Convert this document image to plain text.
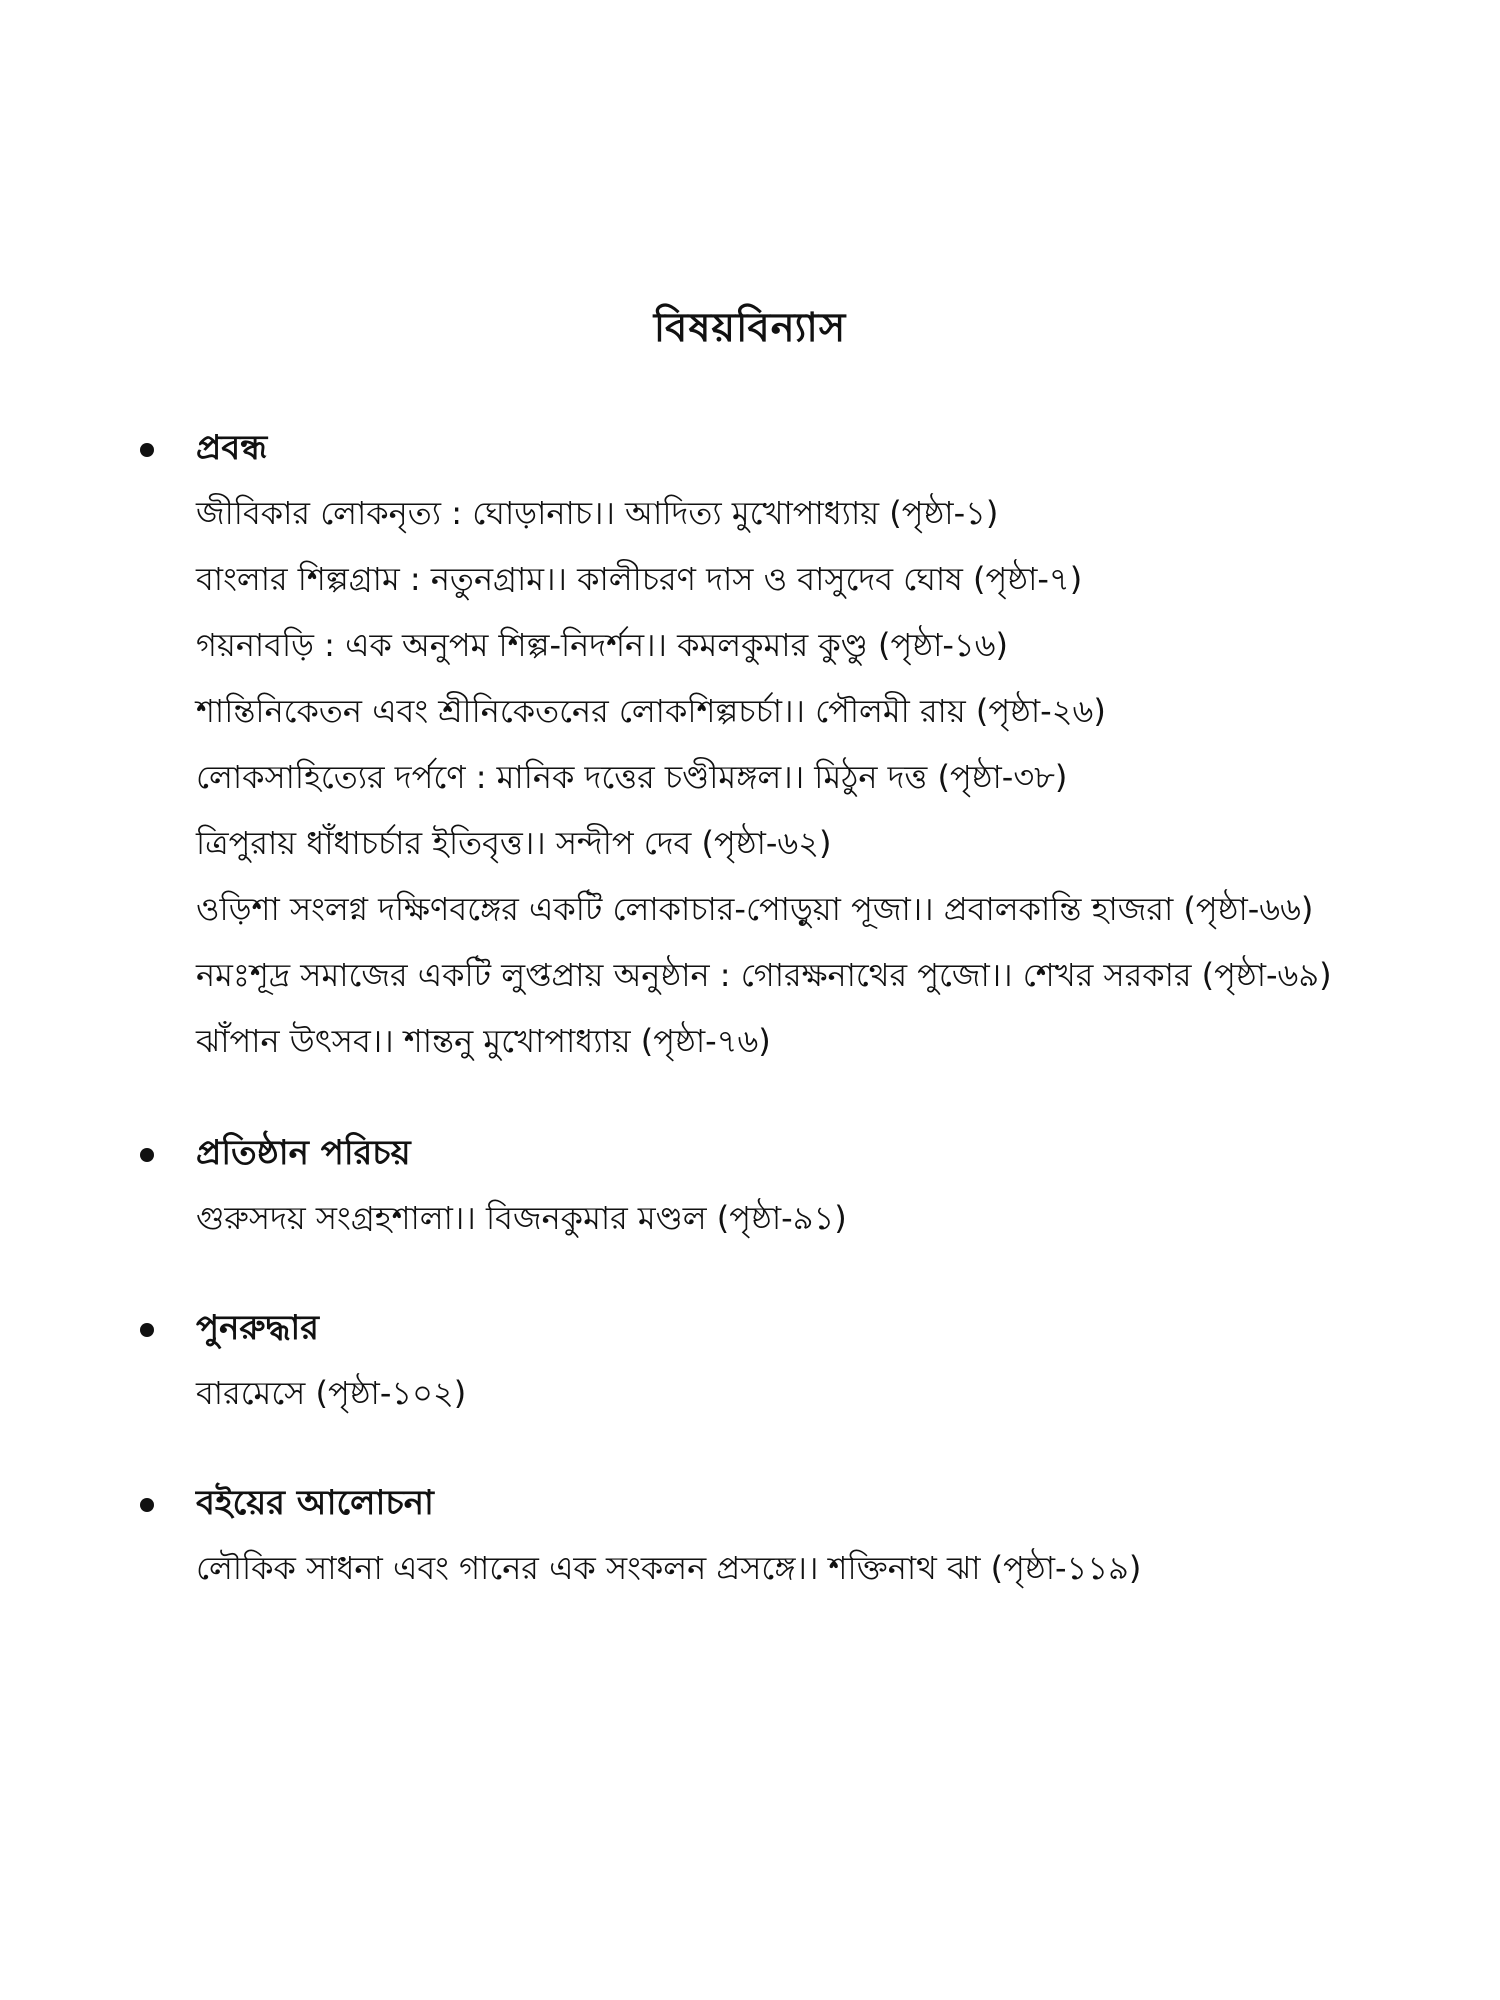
বিষয়বিন্যাস
প্রবন্ধ
জীবিকার লোকনৃত্য : ঘোড়ানাচ।। আদিত্য মুখোপাধ্যায় (পৃষ্ঠা-১)
বাংলার শিল্পগ্রাম : নতুনগ্রাম।। কালীচরণ দাস ও বাসুদেব ঘোষ (পৃষ্ঠা-৭)
গয়নাবড়ি : এক অনুপম শিল্প-নিদর্শন।। কমলকুমার কুণ্ডু (পৃষ্ঠা-১৬)
শান্তিনিকেতন এবং শ্রীনিকেতনের লোকশিল্পচর্চা।। পৌলমী রায় (পৃষ্ঠা-২৬)
লোকসাহিত্যের দর্পণে : মানিক দত্তের চণ্ডীমঙ্গল।। মিঠুন দত্ত (পৃষ্ঠা-৩৮)
ত্রিপুরায় ধাঁধাচর্চার ইতিবৃত্ত।। সন্দীপ দেব (পৃষ্ঠা-৬২)
ওড়িশা সংলগ্ন দক্ষিণবঙ্গের একটি লোকাচার-পোড়ুয়া পূজা।। প্রবালকান্তি হাজরা (পৃষ্ঠা-৬৬)
নমঃশূদ্র সমাজের একটি লুপ্তপ্রায় অনুষ্ঠান : গোরক্ষনাথের পুজো।। শেখর সরকার (পৃষ্ঠা-৬৯)
ঝাঁপান উৎসব।। শান্তনু মুখোপাধ্যায় (পৃষ্ঠা-৭৬)
প্রতিষ্ঠান পরিচয়
গুরুসদয় সংগ্রহশালা।। বিজনকুমার মণ্ডল (পৃষ্ঠা-৯১)
পুনরুদ্ধার
বারমেসে (পৃষ্ঠা-১০২)
বইয়ের আলোচনা
লৌকিক সাধনা এবং গানের এক সংকলন প্রসঙ্গে।। শক্তিনাথ ঝা (পৃষ্ঠা-১১৯)
